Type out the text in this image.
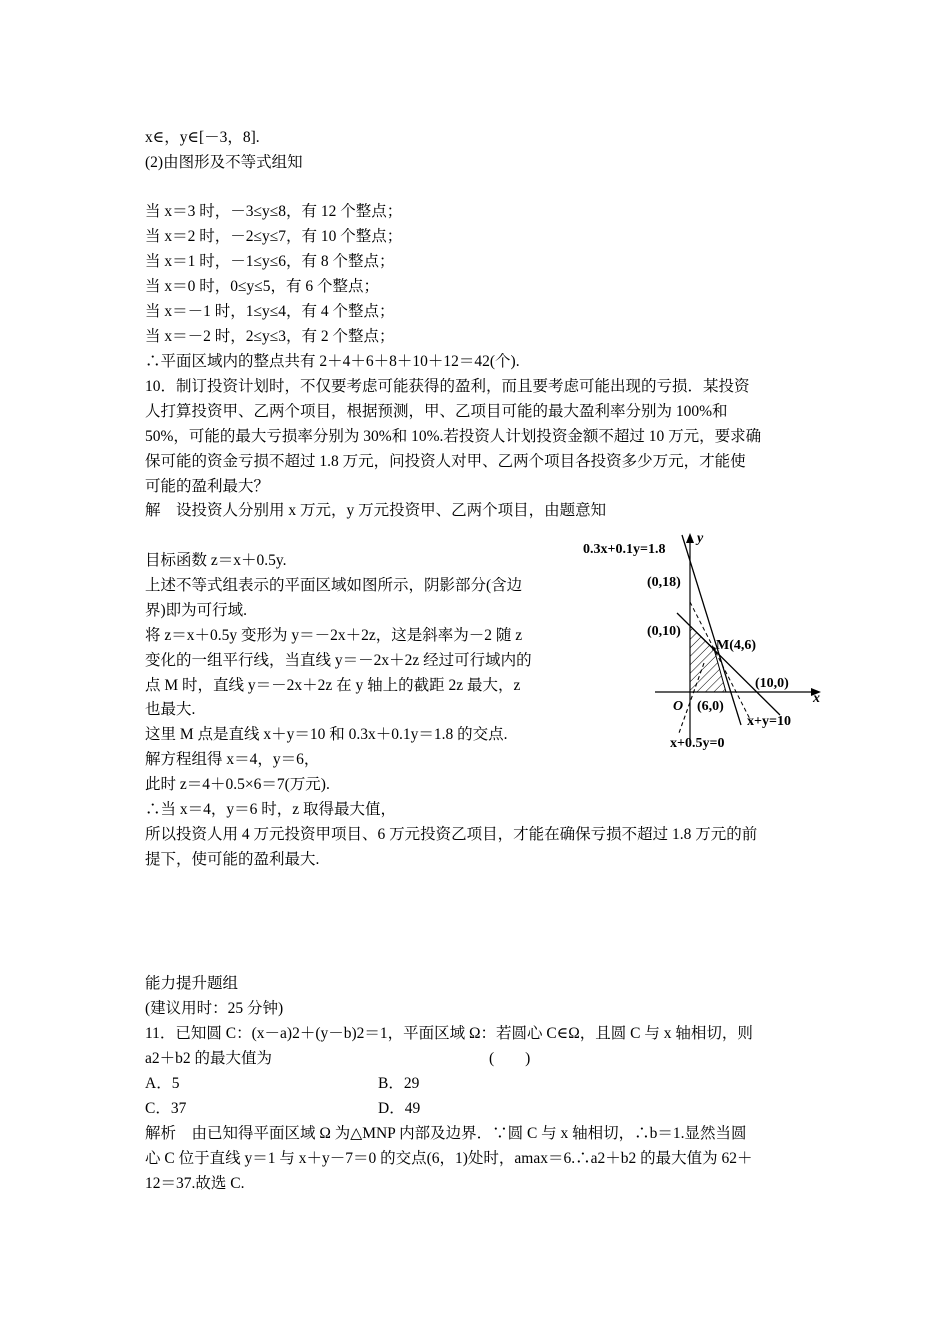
x∈，y∈[－3，8].
(2)由图形及不等式组知
当 x＝3 时，－3≤y≤8，有 12 个整点；
当 x＝2 时，－2≤y≤7，有 10 个整点；
当 x＝1 时，－1≤y≤6，有 8 个整点；
当 x＝0 时，0≤y≤5，有 6 个整点；
当 x＝－1 时，1≤y≤4，有 4 个整点；
当 x＝－2 时，2≤y≤3，有 2 个整点；
∴平面区域内的整点共有 2＋4＋6＋8＋10＋12＝42(个).
10．制订投资计划时，不仅要考虑可能获得的盈利，而且要考虑可能出现的亏损．某投资
人打算投资甲、乙两个项目，根据预测，甲、乙项目可能的最大盈利率分别为 100%和
50%，可能的最大亏损率分别为 30%和 10%.若投资人计划投资金额不超过 10 万元，要求确
保可能的资金亏损不超过 1.8 万元，问投资人对甲、乙两个项目各投资多少万元，才能使
可能的盈利最大？
解　设投资人分别用 x 万元，y 万元投资甲、乙两个项目，由题意知
目标函数 z＝x＋0.5y.
上述不等式组表示的平面区域如图所示，阴影部分(含边
界)即为可行域.
将 z＝x＋0.5y 变形为 y＝－2x＋2z，这是斜率为－2 随 z
变化的一组平行线，当直线 y＝－2x＋2z 经过可行域内的
点 M 时，直线 y＝－2x＋2z 在 y 轴上的截距 2z 最大，z
也最大.
这里 M 点是直线 x＋y＝10 和 0.3x＋0.1y＝1.8 的交点.
解方程组得 x＝4，y＝6，
此时 z＝4＋0.5×6＝7(万元).
∴当 x＝4，y＝6 时，z 取得最大值，
所以投资人用 4 万元投资甲项目、6 万元投资乙项目，才能在确保亏损不超过 1.8 万元的前
提下，使可能的盈利最大.
能力提升题组
(建议用时：25 分钟)
11．已知圆 C：(x－a)2＋(y－b)2＝1，平面区域 Ω：若圆心 C∈Ω，且圆 C 与 x 轴相切，则
a2＋b2 的最大值为　　　　　　　　　　　　　　(　　)
A．5	B．29
C．37	D．49
解析　由已知得平面区域 Ω 为△MNP 内部及边界．∵圆 C 与 x 轴相切，∴b＝1.显然当圆
心 C 位于直线 y＝1 与 x＋y－7＝0 的交点(6，1)处时，amax＝6.∴a2＋b2 的最大值为 62＋
12＝37.故选 C.
0.3x+0.1y=1.8
y
(0,18)
(0,10)
M(4,6)
(10,0)
x
O (6,0)
x+y=10
x+0.5y=0
